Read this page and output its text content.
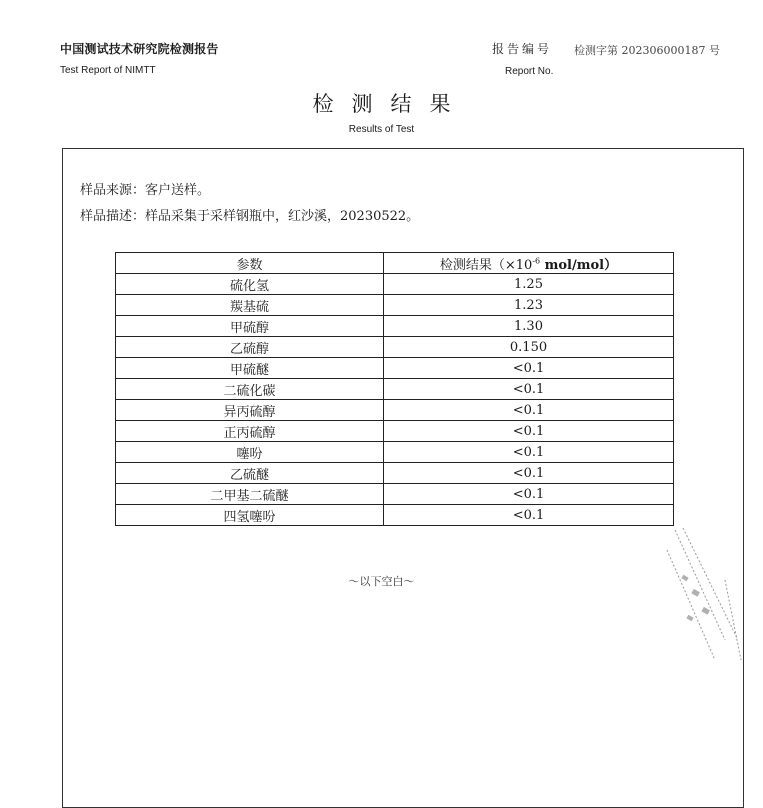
中国测试技术研究院检测报告
Test Report of NIMTT
报告编号 检测字第 202306000187 号
Report No.
检测结果
Results of Test
样品来源：客户送样。
样品描述：样品采集于采样钢瓶中，红沙溪，20230522。
参数	检测结果（$\times 10^{-6}$ mol/mol）
硫化氢	1.25
羰基硫	1.23
甲硫醇	1.30
乙硫醇	0.150
甲硫醚	<0.1
二硫化碳	<0.1
异丙硫醇	<0.1
正丙硫醇	<0.1
噻吩	<0.1
乙硫醚	<0.1
二甲基二硫醚	<0.1
四氢噻吩	<0.1
～以下空白～
